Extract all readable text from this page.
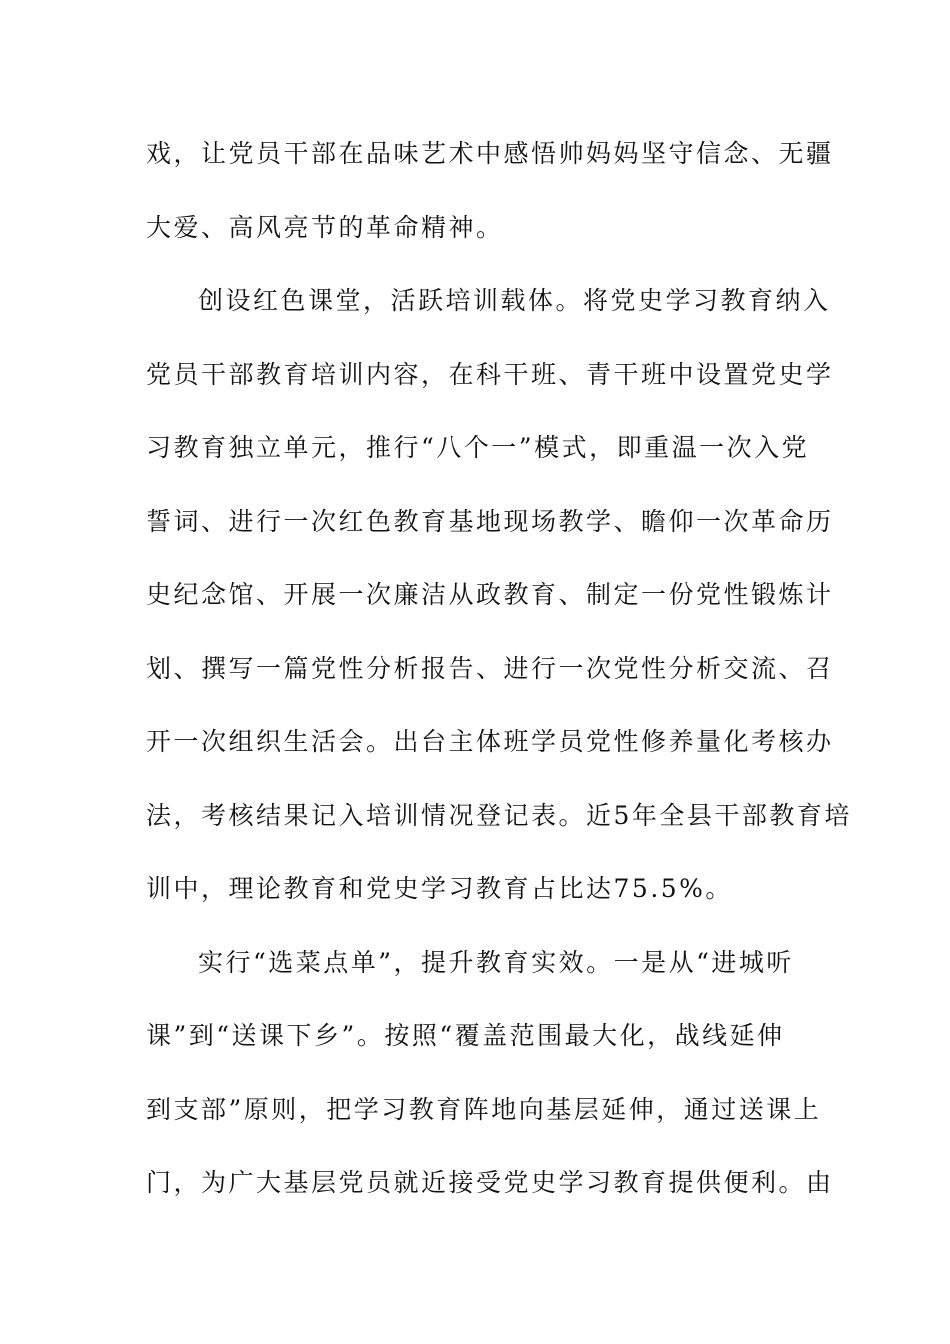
戏，让党员干部在品味艺术中感悟帅妈妈坚守信念、无疆
大爱、高风亮节的革命精神。
创设红色课堂，活跃培训载体。将党史学习教育纳入
党员干部教育培训内容，在科干班、青干班中设置党史学
习教育独立单元，推行“八个一”模式，即重温一次入党
誓词、进行一次红色教育基地现场教学、瞻仰一次革命历
史纪念馆、开展一次廉洁从政教育、制定一份党性锻炼计
划、撰写一篇党性分析报告、进行一次党性分析交流、召
开一次组织生活会。出台主体班学员党性修养量化考核办
法，考核结果记入培训情况登记表。近5年全县干部教育培
训中，理论教育和党史学习教育占比达75.5%。
实行“选菜点单”，提升教育实效。一是从“进城听
课”到“送课下乡”。按照“覆盖范围最大化，战线延伸
到支部”原则，把学习教育阵地向基层延伸，通过送课上
门，为广大基层党员就近接受党史学习教育提供便利。由
